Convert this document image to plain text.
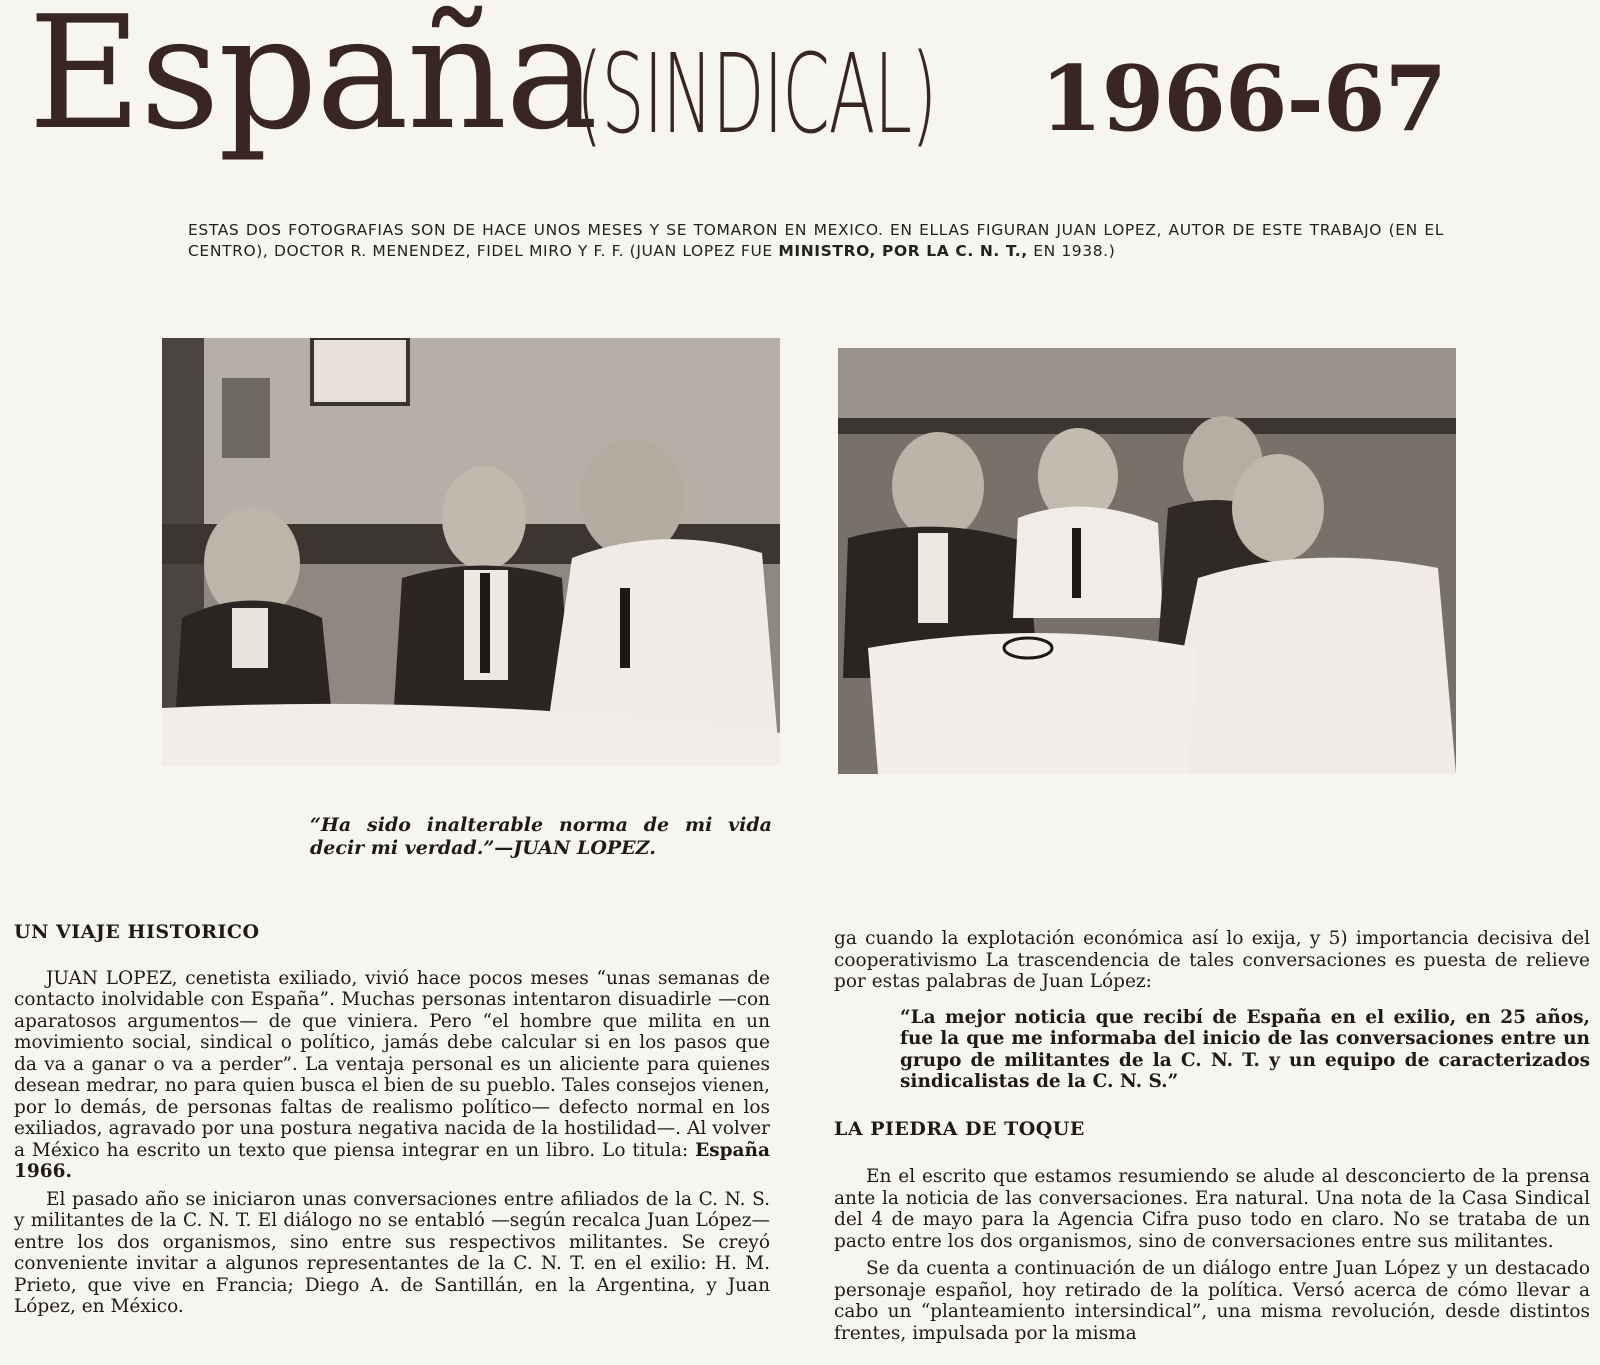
España
(SINDICAL) 1966-67
ESTAS DOS FOTOGRAFIAS SON DE HACE UNOS MESES Y SE TOMARON EN MEXICO. EN ELLAS FIGURAN JUAN LOPEZ, AUTOR DE ESTE TRABAJO (EN EL CENTRO), DOCTOR R. MENENDEZ, FIDEL MIRO Y F. F. (JUAN LOPEZ FUE MINISTRO, POR LA C. N. T., EN 1938.)
“Ha sido inalterable norma de mi vida decir mi verdad.”—JUAN LOPEZ.
UN VIAJE HISTORICO

JUAN LOPEZ, cenetista exiliado, vivió hace pocos meses “unas semanas de contacto inolvidable con España”. Muchas personas intentaron disuadirle —con aparatosos argumentos— de que viniera. Pero “el hombre que milita en un movimiento social, sindical o político, jamás debe calcular si en los pasos que da va a ganar o va a perder”. La ventaja personal es un aliciente para quienes desean medrar, no para quien busca el bien de su pueblo. Tales consejos vienen, por lo demás, de personas faltas de realismo político— defecto normal en los exiliados, agravado por una postura negativa nacida de la hostilidad—. Al volver a México ha escrito un texto que piensa integrar en un libro. Lo titula: España 1966.

El pasado año se iniciaron unas conversaciones entre afiliados de la C. N. S. y militantes de la C. N. T. El diálogo no se entabló —según recalca Juan López— entre los dos organismos, sino entre sus respectivos militantes. Se creyó conveniente invitar a algunos representantes de la C. N. T. en el exilio: H. M. Prieto, que vive en Francia; Diego A. de Santillán, en la Argentina, y Juan López, en México.

ga cuando la explotación económica así lo exija, y 5) importancia decisiva del cooperativismo La trascendencia de tales conversaciones es puesta de relieve por estas palabras de Juan López:

“La mejor noticia que recibí de España en el exilio, en 25 años, fue la que me informaba del inicio de las conversaciones entre un grupo de militantes de la C. N. T. y un equipo de caracterizados sindicalistas de la C. N. S.”
LA PIEDRA DE TOQUE

En el escrito que estamos resumiendo se alude al desconcierto de la prensa ante la noticia de las conversaciones. Era natural. Una nota de la Casa Sindical del 4 de mayo para la Agencia Cifra puso todo en claro. No se trataba de un pacto entre los dos organismos, sino de conversaciones entre sus militantes.

Se da cuenta a continuación de un diálogo entre Juan López y un destacado personaje español, hoy retirado de la política. Versó acerca de cómo llevar a cabo un “planteamiento intersindical”, una misma revolución, desde distintos frentes, impulsada por la misma
